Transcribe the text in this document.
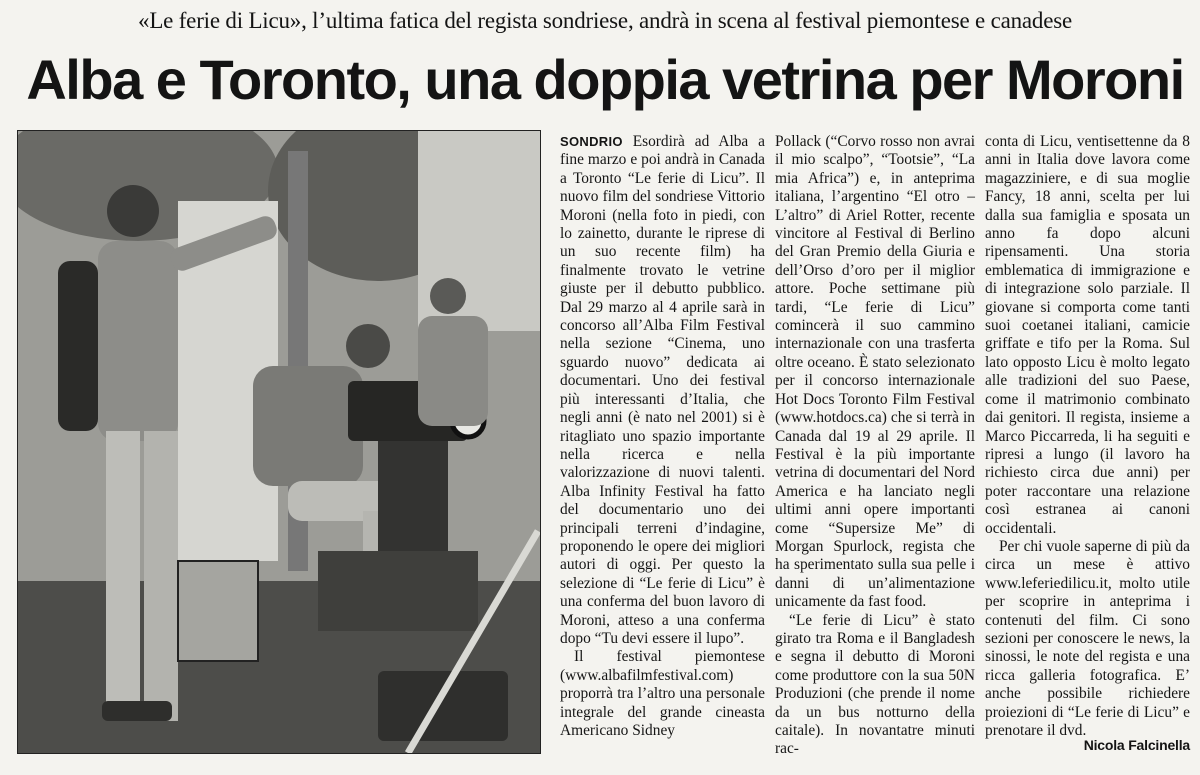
«Le ferie di Licu», l’ultima fatica del regista sondriese, andrà in scena al festival piemontese e canadese
Alba e Toronto, una doppia vetrina per Moroni

SONDRIO Esordirà ad Alba a fine marzo e poi andrà in Canada a Toronto “Le ferie di Licu”. Il nuovo film del sondriese Vittorio Moroni (nella foto in piedi, con lo zainetto, durante le riprese di un suo recente film) ha finalmente trovato le vetrine giuste per il debutto pubblico. Dal 29 marzo al 4 aprile sarà in concorso all’Alba Film Festival nella sezione “Cinema, uno sguardo nuovo” dedicata ai documentari. Uno dei festival più interessanti d’Italia, che negli anni (è nato nel 2001) si è ritagliato uno spazio importante nella ricerca e nella valorizzazione di nuovi talenti. Alba Infinity Festival ha fatto del documentario uno dei principali terreni d’indagine, proponendo le opere dei migliori autori di oggi. Per questo la selezione di “Le ferie di Licu” è una conferma del buon lavoro di Moroni, atteso a una conferma dopo “Tu devi essere il lupo”.

Il festival piemontese (www.albafilmfestival.com) proporrà tra l’altro una personale integrale del grande cineasta Americano Sidney

Pollack (“Corvo rosso non avrai il mio scalpo”, “Tootsie”, “La mia Africa”) e, in anteprima italiana, l’argentino “El otro – L’altro” di Ariel Rotter, recente vincitore al Festival di Berlino del Gran Premio della Giuria e dell’Orso d’oro per il miglior attore. Poche settimane più tardi, “Le ferie di Licu” comincerà il suo cammino internazionale con una trasferta oltre oceano. È stato selezionato per il concorso internazionale Hot Docs Toronto Film Festival (www.hotdocs.ca) che si terrà in Canada dal 19 al 29 aprile. Il Festival è la più importante vetrina di documentari del Nord America e ha lanciato negli ultimi anni opere importanti come “Supersize Me” di Morgan Spurlock, regista che ha sperimentato sulla sua pelle i danni di un’alimentazione unicamente da fast food.

“Le ferie di Licu” è stato girato tra Roma e il Bangladesh e segna il debutto di Moroni come produttore con la sua 50N Produzioni (che prende il nome da un bus notturno della caitale). In novantatre minuti rac-

conta di Licu, ventisettenne da 8 anni in Italia dove lavora come magazziniere, e di sua moglie Fancy, 18 anni, scelta per lui dalla sua famiglia e sposata un anno fa dopo alcuni ripensamenti. Una storia emblematica di immigrazione e di integrazione solo parziale. Il giovane si comporta come tanti suoi coetanei italiani, camicie griffate e tifo per la Roma. Sul lato opposto Licu è molto legato alle tradizioni del suo Paese, come il matrimonio combinato dai genitori. Il regista, insieme a Marco Piccarreda, li ha seguiti e ripresi a lungo (il lavoro ha richiesto circa due anni) per poter raccontare una relazione così estranea ai canoni occidentali.

Per chi vuole saperne di più da circa un mese è attivo www.leferiedilicu.it, molto utile per scoprire in anteprima i contenuti del film. Ci sono sezioni per conoscere le news, la sinossi, le note del regista e una ricca galleria fotografica. E’ anche possibile richiedere proiezioni di “Le ferie di Licu” e prenotare il dvd.

Nicola Falcinella
